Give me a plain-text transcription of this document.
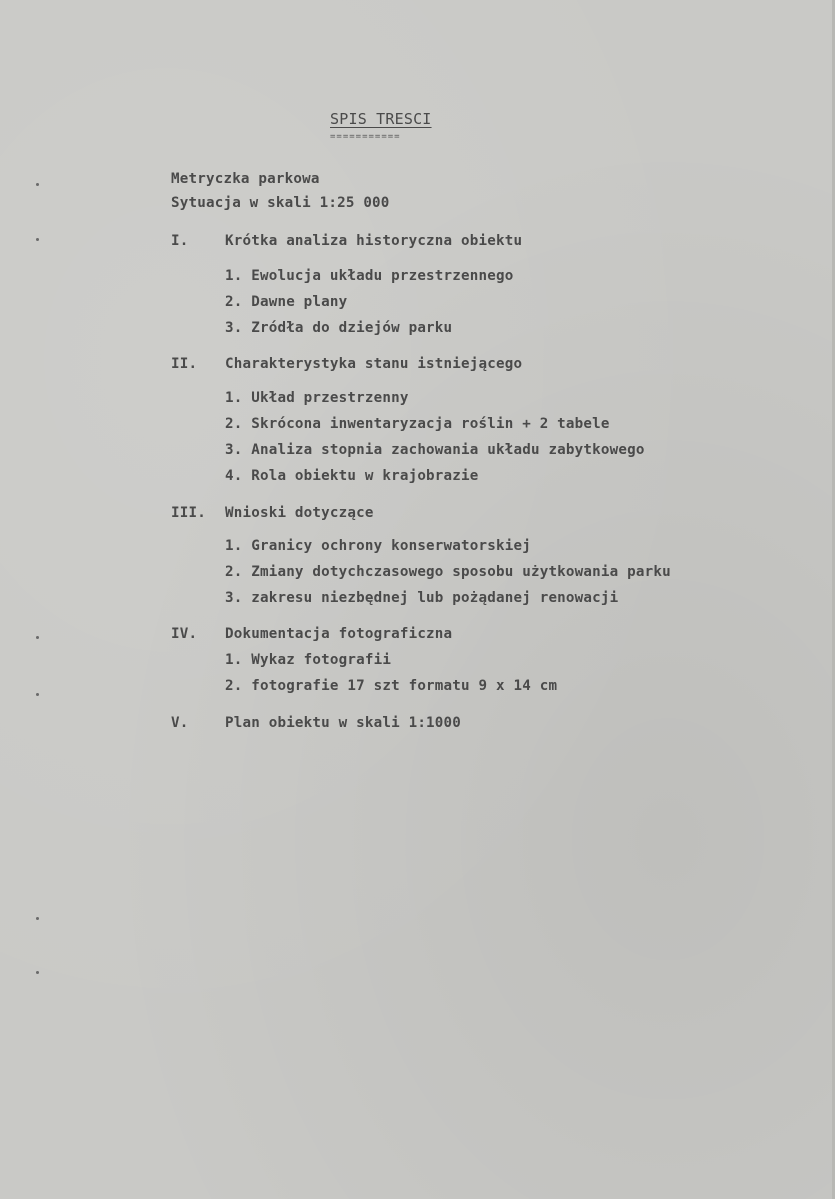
SPIS TRESCI
===========
Metryczka parkowa
Sytuacja w skali 1:25 000
I.	Krótka analiza historyczna obiektu
1. Ewolucja układu przestrzennego
2. Dawne plany
3. Zródła do dziejów parku
II.	Charakterystyka stanu istniejącego
1. Układ przestrzenny
2. Skrócona inwentaryzacja roślin + 2 tabele
3. Analiza stopnia zachowania układu zabytkowego
4. Rola obiektu w krajobrazie
III.	Wnioski dotyczące
1. Granicy ochrony konserwatorskiej
2. Zmiany dotychczasowego sposobu użytkowania parku
3. zakresu niezbędnej lub pożądanej renowacji
IV.	Dokumentacja fotograficzna
1. Wykaz fotografii
2. fotografie 17 szt formatu 9 x 14 cm
V.	Plan obiektu w skali 1:1000
